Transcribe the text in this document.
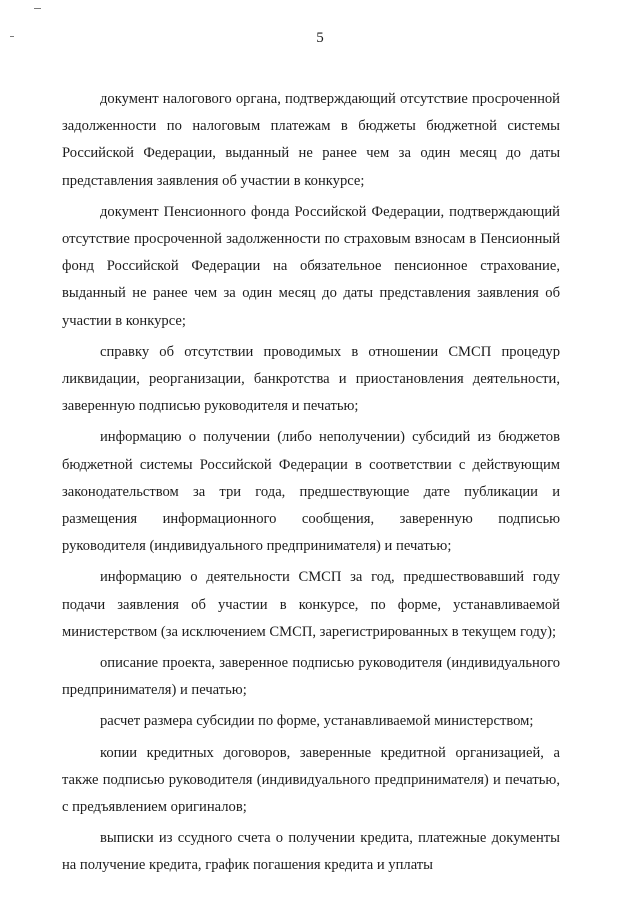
5

документ налогового органа, подтверждающий отсутствие просроченной задолженности по налоговым платежам в бюджеты бюджетной системы Российской Федерации, выданный не ранее чем за один месяц до даты представления заявления об участии в конкурсе;

документ Пенсионного фонда Российской Федерации, подтверждающий отсутствие просроченной задолженности по страховым взносам в Пенсионный фонд Российской Федерации на обязательное пенсионное страхование, выданный не ранее чем за один месяц до даты представления заявления об участии в конкурсе;

справку об отсутствии проводимых в отношении СМСП процедур ликвидации, реорганизации, банкротства и приостановления деятельности, заверенную подписью руководителя и печатью;

информацию о получении (либо неполучении) субсидий из бюджетов бюджетной системы Российской Федерации в соответствии с действующим законодательством за три года, предшествующие дате публикации и размещения информационного сообщения, заверенную подписью руководителя (индивидуального предпринимателя) и печатью;

информацию о деятельности СМСП за год, предшествовавший году подачи заявления об участии в конкурсе, по форме, устанавливаемой министерством (за исключением СМСП, зарегистрированных в текущем году);

описание проекта, заверенное подписью руководителя (индивидуального предпринимателя) и печатью;

расчет размера субсидии по форме, устанавливаемой министерством;

копии кредитных договоров, заверенные кредитной организацией, а также подписью руководителя (индивидуального предпринимателя) и печатью, с предъявлением оригиналов;

выписки из ссудного счета о получении кредита, платежные документы на получение кредита, график погашения кредита и уплаты
